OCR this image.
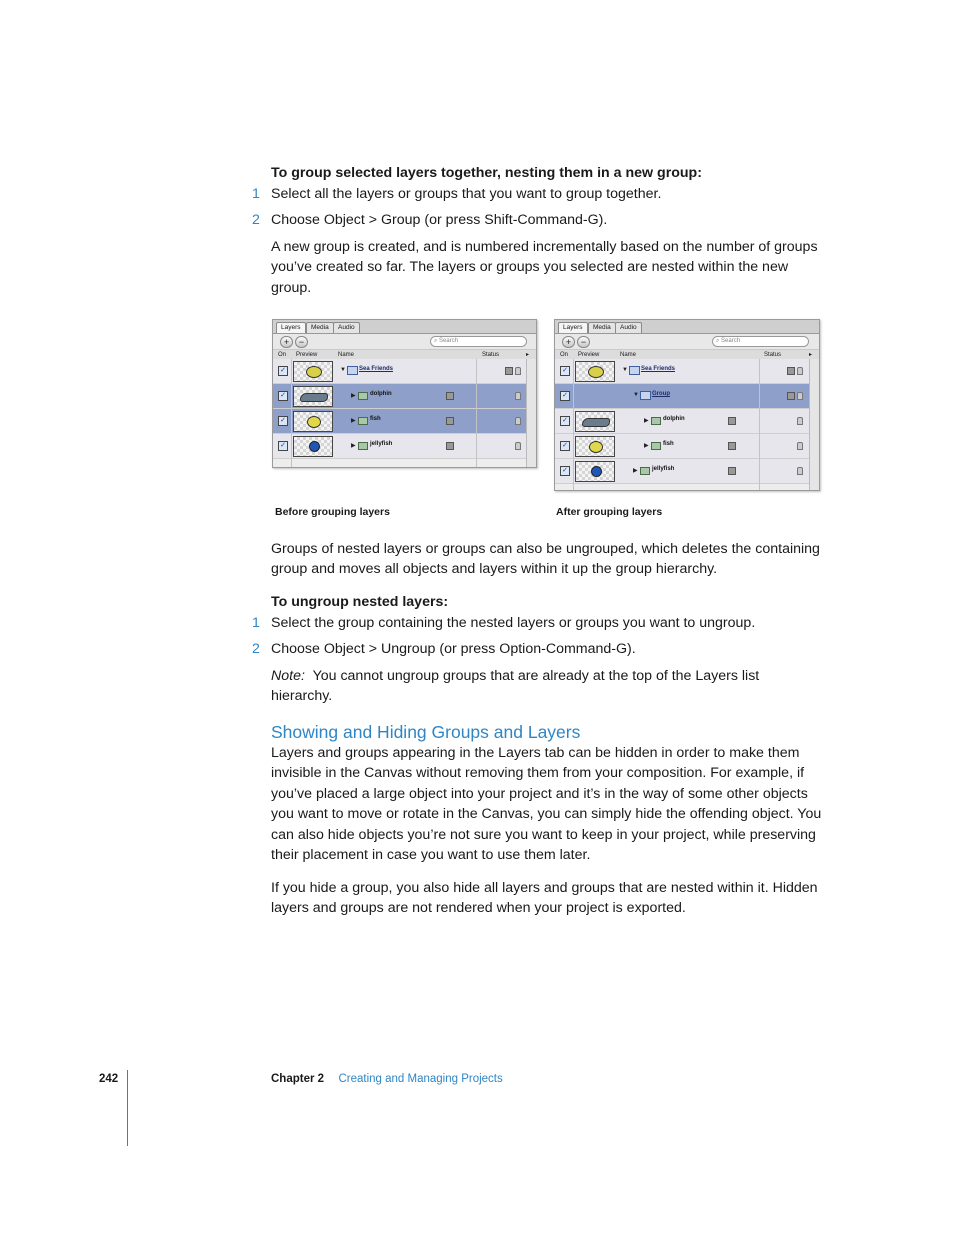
To group selected layers together, nesting them in a new group:
1 Select all the layers or groups that you want to group together.
2 Choose Object > Group (or press Shift-Command-G).
A new group is created, and is numbered incrementally based on the number of groups you’ve created so far. The layers or groups you selected are nested within the new group.
Layers	Media	Audio
+	−	⌕ Search
On Preview	Name	Status	▸
✓	▼ Sea Friends
✓	▶ dolphin
✓	▶ fish
✓	▶ jellyfish
Layers	Media	Audio
+	−	⌕ Search
On Preview	Name	Status	▸
✓	▼ Sea Friends
✓	▼ Group
✓	▶ dolphin
✓	▶ fish
✓	▶ jellyfish
Before grouping layers	After grouping layers
Groups of nested layers or groups can also be ungrouped, which deletes the containing group and moves all objects and layers within it up the group hierarchy.
To ungroup nested layers:
1 Select the group containing the nested layers or groups you want to ungroup.
2 Choose Object > Ungroup (or press Option-Command-G).
Note: You cannot ungroup groups that are already at the top of the Layers list hierarchy.
Showing and Hiding Groups and Layers
Layers and groups appearing in the Layers tab can be hidden in order to make them invisible in the Canvas without removing them from your composition. For example, if you’ve placed a large object into your project and it’s in the way of some other objects you want to move or rotate in the Canvas, you can simply hide the offending object. You can also hide objects you’re not sure you want to keep in your project, while preserving their placement in case you want to use them later.
If you hide a group, you also hide all layers and groups that are nested within it. Hidden layers and groups are not rendered when your project is exported.
242	Chapter 2 Creating and Managing Projects
